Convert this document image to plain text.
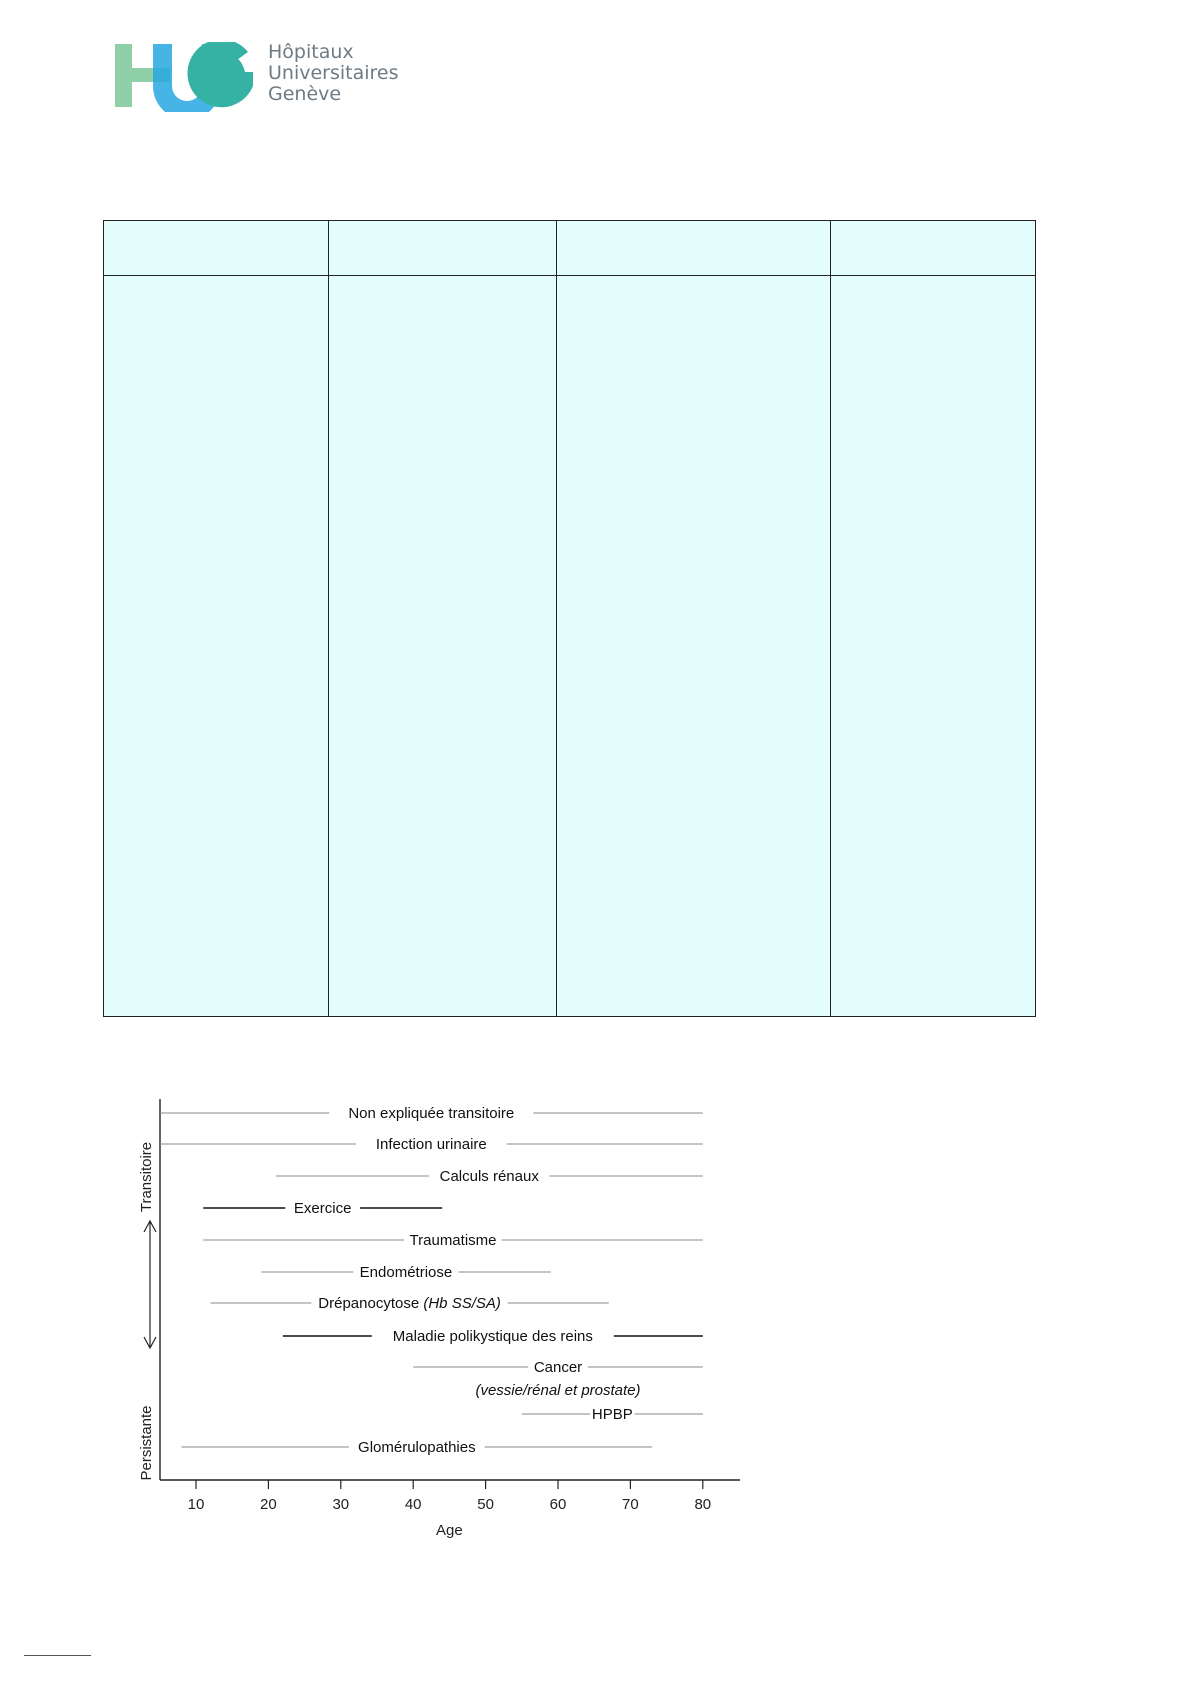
Hôpitaux
Universitaires
Genève

10	20	30	40	50	60	70	80
Age
Transitoire
Persistante
Non expliquée transitoire
Infection urinaire
Calculs rénaux
Exercice
Traumatisme
Endométriose
Drépanocytose (Hb SS/SA)
Maladie polikystique des reins
Cancer
(vessie/rénal et prostate)
HPBP
Glomérulopathies
